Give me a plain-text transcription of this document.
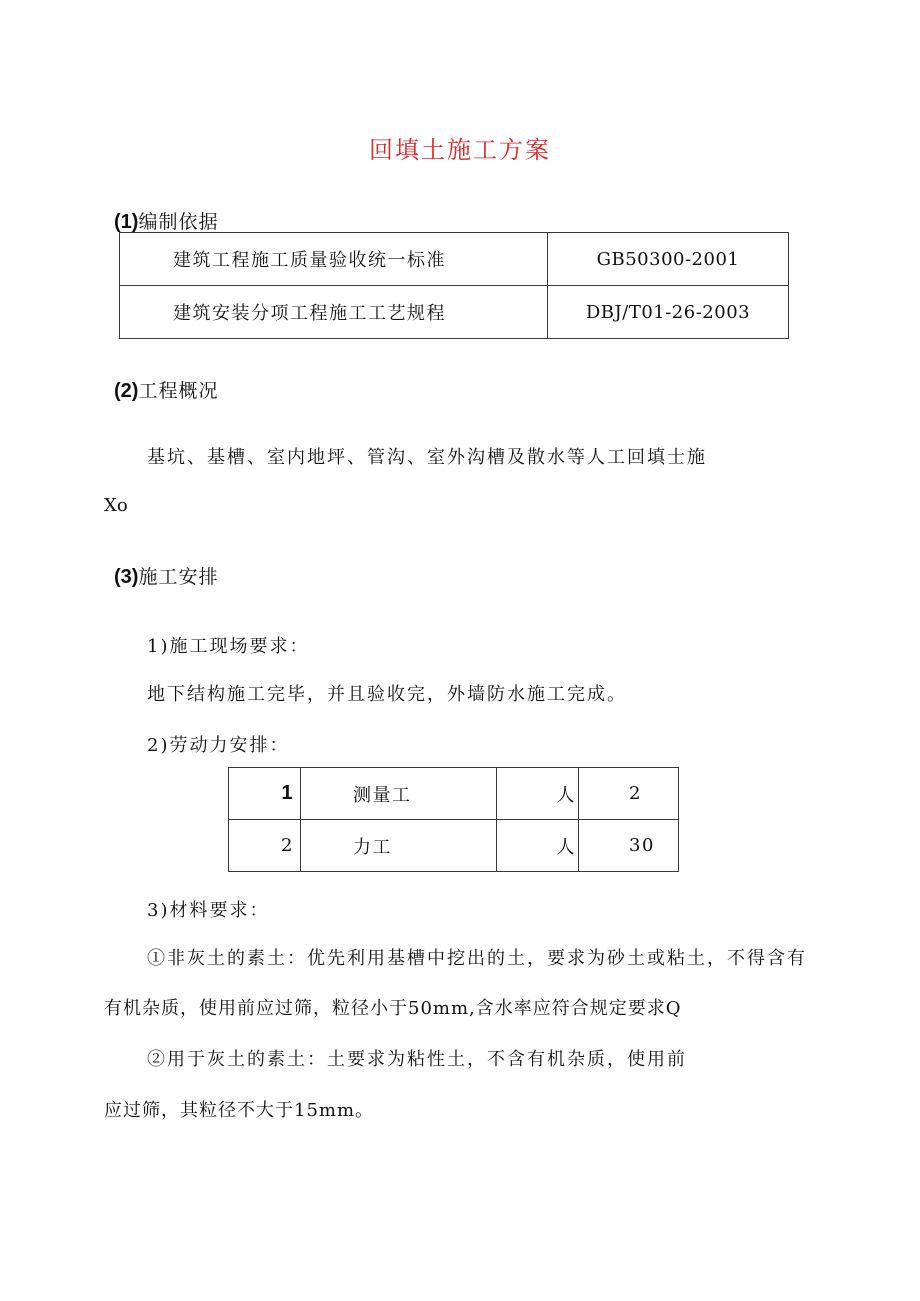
回填土施工方案
(1)编制依据
建筑工程施工质量验收统一标准	GB50300-2001
建筑安装分项工程施工工艺规程	DBJ/T01-26-2003
(2)工程概况
基坑、基槽、室内地坪、管沟、室外沟槽及散水等人工回填士施
Xo
(3)施工安排
1)施工现场要求：
地下结构施工完毕，并且验收完，外墙防水施工完成。
2)劳动力安排：
1	测量工	人	2
2	力工	人	30
3)材料要求：
①非灰土的素土：优先利用基槽中挖出的土，要求为砂土或粘土，不得含有
有机杂质，使用前应过筛，粒径小于50mm,含水率应符合规定要求Q
②用于灰土的素土：土要求为粘性土，不含有机杂质，使用前
应过筛，其粒径不大于15mm。
